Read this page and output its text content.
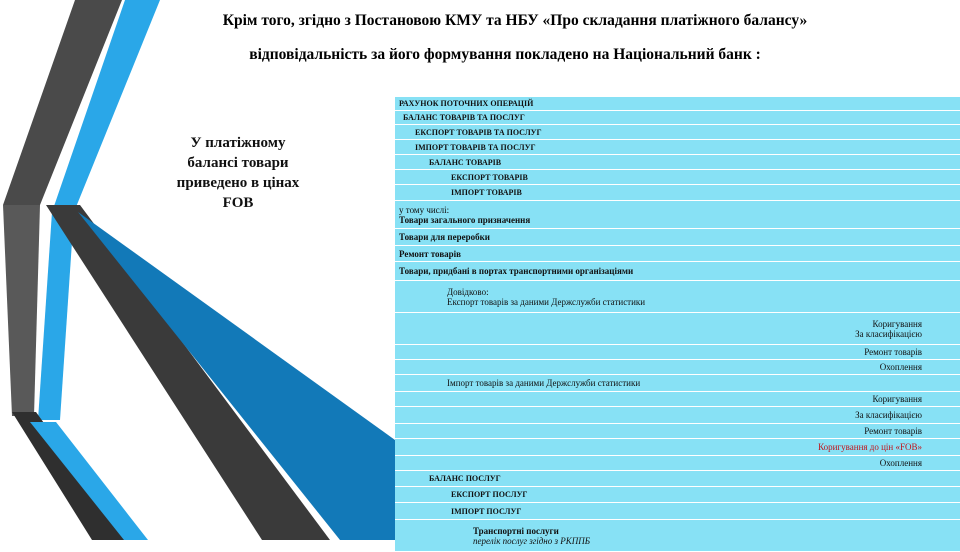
Крім того, згідно з Постановою КМУ та НБУ «Про складання платіжного балансу»
відповідальність за його формування покладено на Національний банк :
У платіжному
балансі товари
приведено в цінах
FOB
РАХУНОК ПОТОЧНИХ ОПЕРАЦІЙ
БАЛАНС ТОВАРІВ ТА ПОСЛУГ
ЕКСПОРТ ТОВАРІВ ТА ПОСЛУГ
ІМПОРТ ТОВАРІВ ТА ПОСЛУГ
БАЛАНС ТОВАРІВ
ЕКСПОРТ ТОВАРІВ
ІМПОРТ ТОВАРІВ
у тому числі:
Товари загального призначення
Товари для переробки
Ремонт товарів
Товари, придбані в портах транспортними організаціями
Довідково:
Експорт товарів за даними Держслужби статистики
Коригування
За класифікацією
Ремонт товарів
Охоплення
Імпорт товарів за даними Держслужби статистики
Коригування
За класифікацією
Ремонт товарів
Коригування до цін «FOB»
Охоплення
БАЛАНС ПОСЛУГ
ЕКСПОРТ ПОСЛУГ
ІМПОРТ ПОСЛУГ
Транспортні послуги
перелік послуг згідно з РКППБ
